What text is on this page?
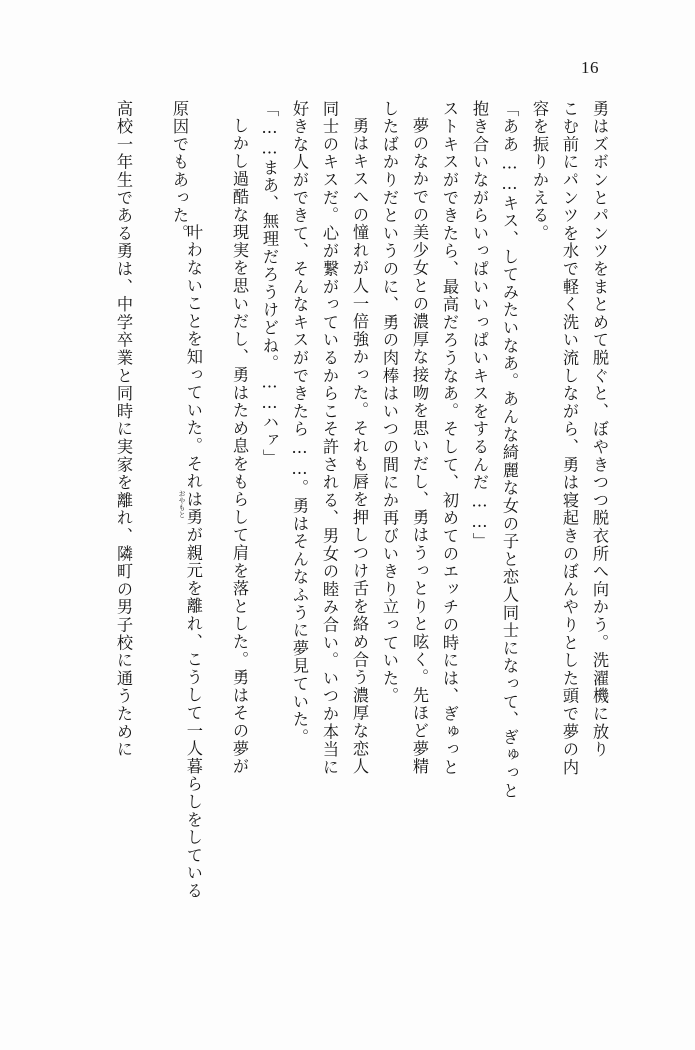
16
勇はズボンとパンツをまとめて脱ぐと、ぼやきつつ脱衣所へ向かう。洗濯機に放り
こむ前にパンツを水で軽く洗い流しながら、勇は寝起きのぼんやりとした頭で夢の内
容を振りかえる。
「ああ……キス、してみたいなあ。あんな綺麗な女の子と恋人同士になって、ぎゅっと
抱き合いながらいっぱいいっぱいキスをするんだ……」
ストキスができたら、最高だろうなあ。そして、初めてのエッチの時には、ぎゅっと
夢のなかでの美少女との濃厚な接吻を思いだし、勇はうっとりと呟く。先ほど夢精
したばかりだというのに、勇の肉棒はいつの間にか再びいきり立っていた。
勇はキスへの憧れが人一倍強かった。それも唇を押しつけ舌を絡め合う濃厚な恋人
同士のキスだ。心が繋がっているからこそ許される、男女の睦み合い。いつか本当に
好きな人ができて、そんなキスができたら……。勇はそんなふうに夢見ていた。
「……まあ、無理だろうけどね。……ハァ」
しかし過酷な現実を思いだし、勇はため息をもらして肩を落とした。勇はその夢が

叶わないことを知っていた。それは勇が親元を離れ、こうして一人暮らしをしている

おやもと

原因でもあった。
高校一年生である勇は、中学卒業と同時に実家を離れ、隣町の男子校に通うために
